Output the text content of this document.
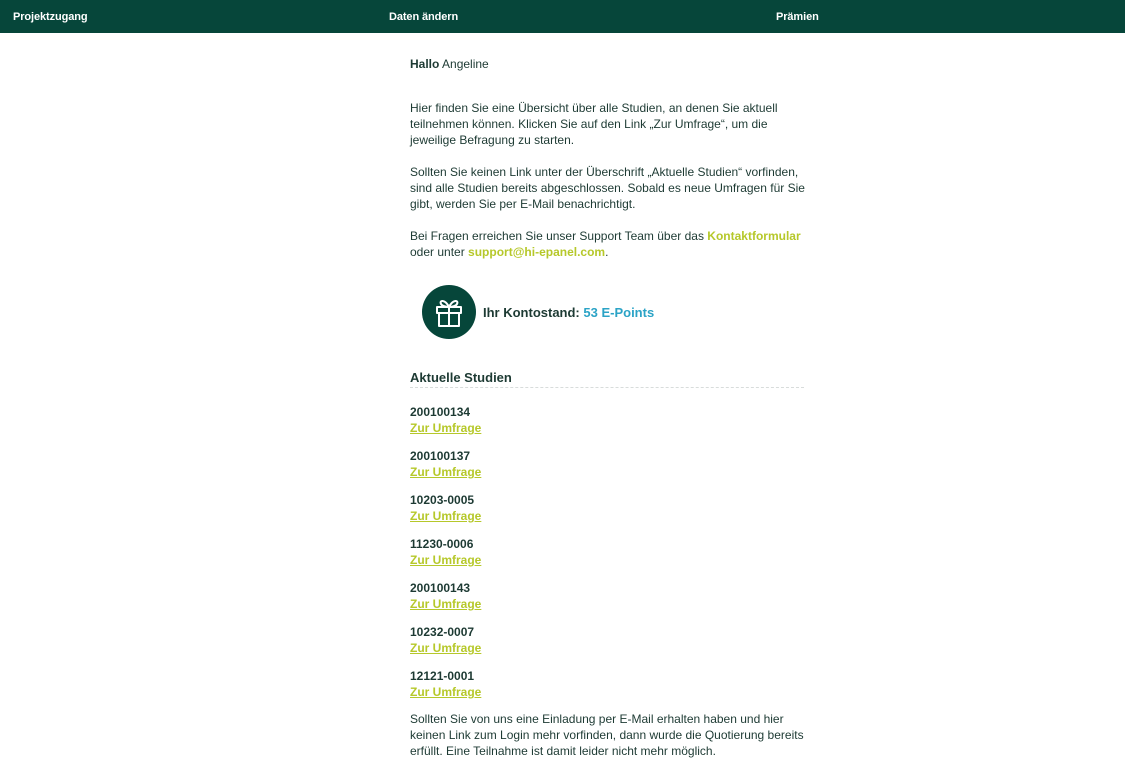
Projektzugang	Daten ändern	Prämien
Hallo Angeline

Hier finden Sie eine Übersicht über alle Studien, an denen Sie aktuell teilnehmen können. Klicken Sie auf den Link „Zur Umfrage“, um die jeweilige Befragung zu starten.

Sollten Sie keinen Link unter der Überschrift „Aktuelle Studien“ vorfinden, sind alle Studien bereits abgeschlossen. Sobald es neue Umfragen für Sie gibt, werden Sie per E-Mail benachrichtigt.

Bei Fragen erreichen Sie unser Support Team über das Kontaktformular oder unter support@hi-epanel.com.

Ihr Kontostand: 53 E-Points
Aktuelle Studien
200100134
Zur Umfrage
200100137
Zur Umfrage
10203-0005
Zur Umfrage
11230-0006
Zur Umfrage
200100143
Zur Umfrage
10232-0007
Zur Umfrage
12121-0001
Zur Umfrage

Sollten Sie von uns eine Einladung per E-Mail erhalten haben und hier keinen Link zum Login mehr vorfinden, dann wurde die Quotierung bereits erfüllt. Eine Teilnahme ist damit leider nicht mehr möglich.
